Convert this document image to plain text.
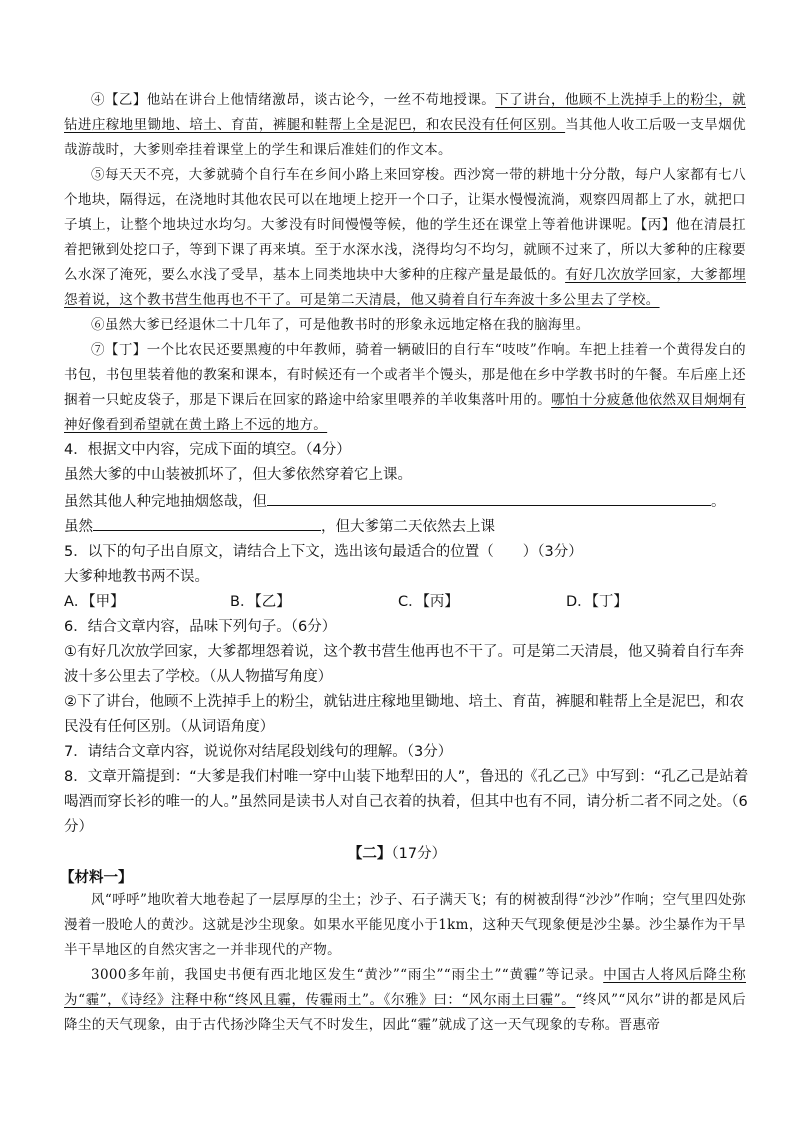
④【乙】他站在讲台上他情绪激昂，谈古论今，一丝不苟地授课。下了讲台，他顾不上洗掉手上的粉尘，就钻进庄稼地里锄地、培土、育苗，裤腿和鞋帮上全是泥巴，和农民没有任何区别。当其他人收工后吸一支旱烟优哉游哉时，大爹则牵挂着课堂上的学生和课后准娃们的作文本。
⑤每天天不亮，大爹就骑个自行车在乡间小路上来回穿梭。西沙窝一带的耕地十分分散，每户人家都有七八个地块，隔得远，在浇地时其他农民可以在地埂上挖开一个口子，让渠水慢慢流淌，观察四周都上了水，就把口子填上，让整个地块过水均匀。大爹没有时间慢慢等候，他的学生还在课堂上等着他讲课呢。【丙】他在清晨扛着把锹到处挖口子，等到下课了再来填。至于水深水浅，浇得均匀不均匀，就顾不过来了，所以大爹种的庄稼要么水深了淹死，要么水浅了受旱，基本上同类地块中大爹种的庄稼产量是最低的。有好几次放学回家，大爹都埋怨着说，这个教书营生他再也不干了。可是第二天清晨，他又骑着自行车奔波十多公里去了学校。
⑥虽然大爹已经退休二十几年了，可是他教书时的形象永远地定格在我的脑海里。
⑦【丁】一个比农民还要黑瘦的中年教师，骑着一辆破旧的自行车“吱吱”作响。车把上挂着一个黄得发白的书包，书包里装着他的教案和课本，有时候还有一个或者半个馒头，那是他在乡中学教书时的午餐。车后座上还捆着一只蛇皮袋子，那是下课后在回家的路途中给家里喂养的羊收集落叶用的。哪怕十分疲惫他依然双目炯炯有神好像看到希望就在黄土路上不远的地方。
4．根据文中内容，完成下面的填空。（4分）
虽然大爹的中山装被抓坏了，但大爹依然穿着它上课。
虽然其他人种完地抽烟悠哉，但	。
虽然	，但大爹第二天依然去上课
5．以下的句子出自原文，请结合上下文，选出该句最适合的位置（　　）（3分）
大爹种地教书两不误。
A．【甲】	B．【乙】	C．【丙】	D．【丁】
6．结合文章内容，品味下列句子。（6分）
①有好几次放学回家，大爹都埋怨着说，这个教书营生他再也不干了。可是第二天清晨，他又骑着自行车奔波十多公里去了学校。（从人物描写角度）
②下了讲台，他顾不上洗掉手上的粉尘，就钻进庄稼地里锄地、培土、育苗，裤腿和鞋帮上全是泥巴，和农民没有任何区别。（从词语角度）
7．请结合文章内容，说说你对结尾段划线句的理解。（3分）
8．文章开篇提到：“大爹是我们村唯一穿中山装下地犁田的人”，鲁迅的《孔乙己》中写到：“孔乙己是站着喝酒而穿长衫的唯一的人。”虽然同是读书人对自己衣着的执着，但其中也有不同，请分析二者不同之处。（6分）
【二】（17分）
【材料一】
风“呼呼”地吹着大地卷起了一层厚厚的尘土；沙子、石子满天飞；有的树被刮得“沙沙”作响；空气里四处弥漫着一股呛人的黄沙。这就是沙尘现象。如果水平能见度小于1km，这种天气现象便是沙尘暴。沙尘暴作为干旱半干旱地区的自然灾害之一并非现代的产物。
3000多年前，我国史书便有西北地区发生“黄沙”“雨尘”“雨尘土”“黄霾”等记录。中国古人将风后降尘称为“霾”，《诗经》注释中称“终风且霾，传霾雨土”。《尔雅》曰：“风尔雨土曰霾”。“终风”“风尔”讲的都是风后降尘的天气现象，由于古代扬沙降尘天气不时发生，因此“霾”就成了这一天气现象的专称。晋惠帝
